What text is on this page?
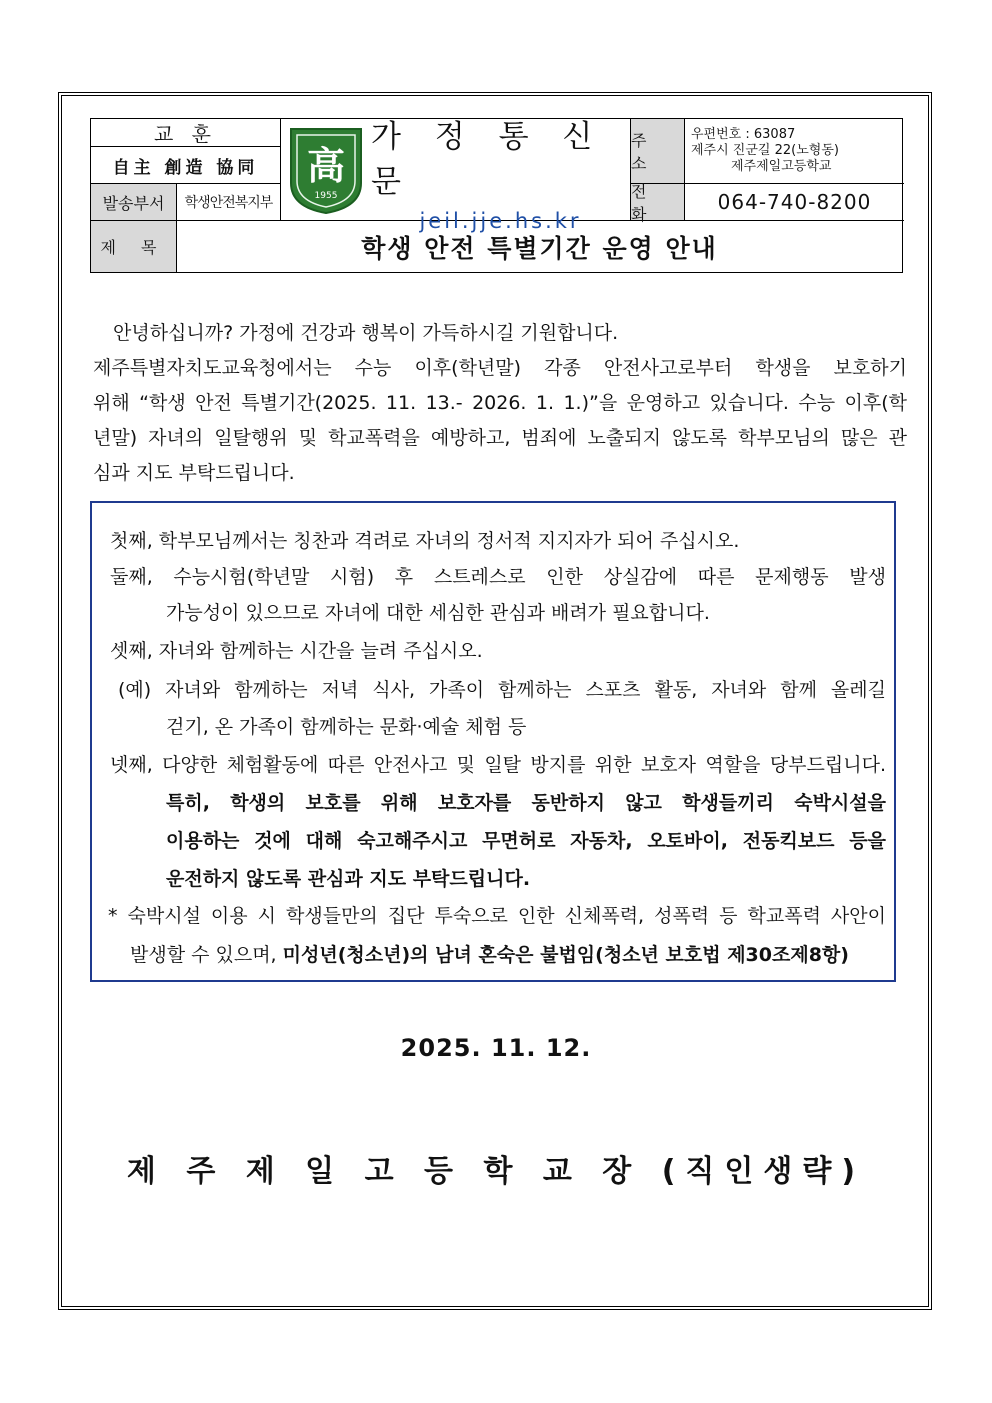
교 훈
自主 創造 協同
발송부서 학생안전복지부
高
1955
가 정 통 신 문
jeil.jje.hs.kr
주 소
우편번호 : 63087
제주시 진군길 22(노형동)
제주제일고등학교
전 화
064-740-8200
제 목	학생 안전 특별기간 운영 안내

안녕하십니까? 가정에 건강과 행복이 가득하시길 기원합니다.

제주특별자치도교육청에서는 수능 이후(학년말) 각종 안전사고로부터 학생을 보호하기

위해 “학생 안전 특별기간(2025. 11. 13.- 2026. 1. 1.)”을 운영하고 있습니다. 수능 이후(학

년말) 자녀의 일탈행위 및 학교폭력을 예방하고, 범죄에 노출되지 않도록 학부모님의 많은 관

심과 지도 부탁드립니다.

첫째, 학부모님께서는 칭찬과 격려로 자녀의 정서적 지지자가 되어 주십시오.
둘째, 수능시험(학년말 시험) 후 스트레스로 인한 상실감에 따른 문제행동 발생
가능성이 있으므로 자녀에 대한 세심한 관심과 배려가 필요합니다.
셋째, 자녀와 함께하는 시간을 늘려 주십시오.
(예) 자녀와 함께하는 저녁 식사, 가족이 함께하는 스포츠 활동, 자녀와 함께 올레길
걷기, 온 가족이 함께하는 문화·예술 체험 등
넷째, 다양한 체험활동에 따른 안전사고 및 일탈 방지를 위한 보호자 역할을 당부드립니다.
특히, 학생의 보호를 위해 보호자를 동반하지 않고 학생들끼리 숙박시설을
이용하는 것에 대해 숙고해주시고 무면허로 자동차, 오토바이, 전동킥보드 등을
운전하지 않도록 관심과 지도 부탁드립니다.
* 숙박시설 이용 시 학생들만의 집단 투숙으로 인한 신체폭력, 성폭력 등 학교폭력 사안이
발생할 수 있으며, 미성년(청소년)의 남녀 혼숙은 불법임(청소년 보호법 제30조제8항)
2025. 11. 12.
제 주 제 일 고 등 학 교 장 (직인생략)
